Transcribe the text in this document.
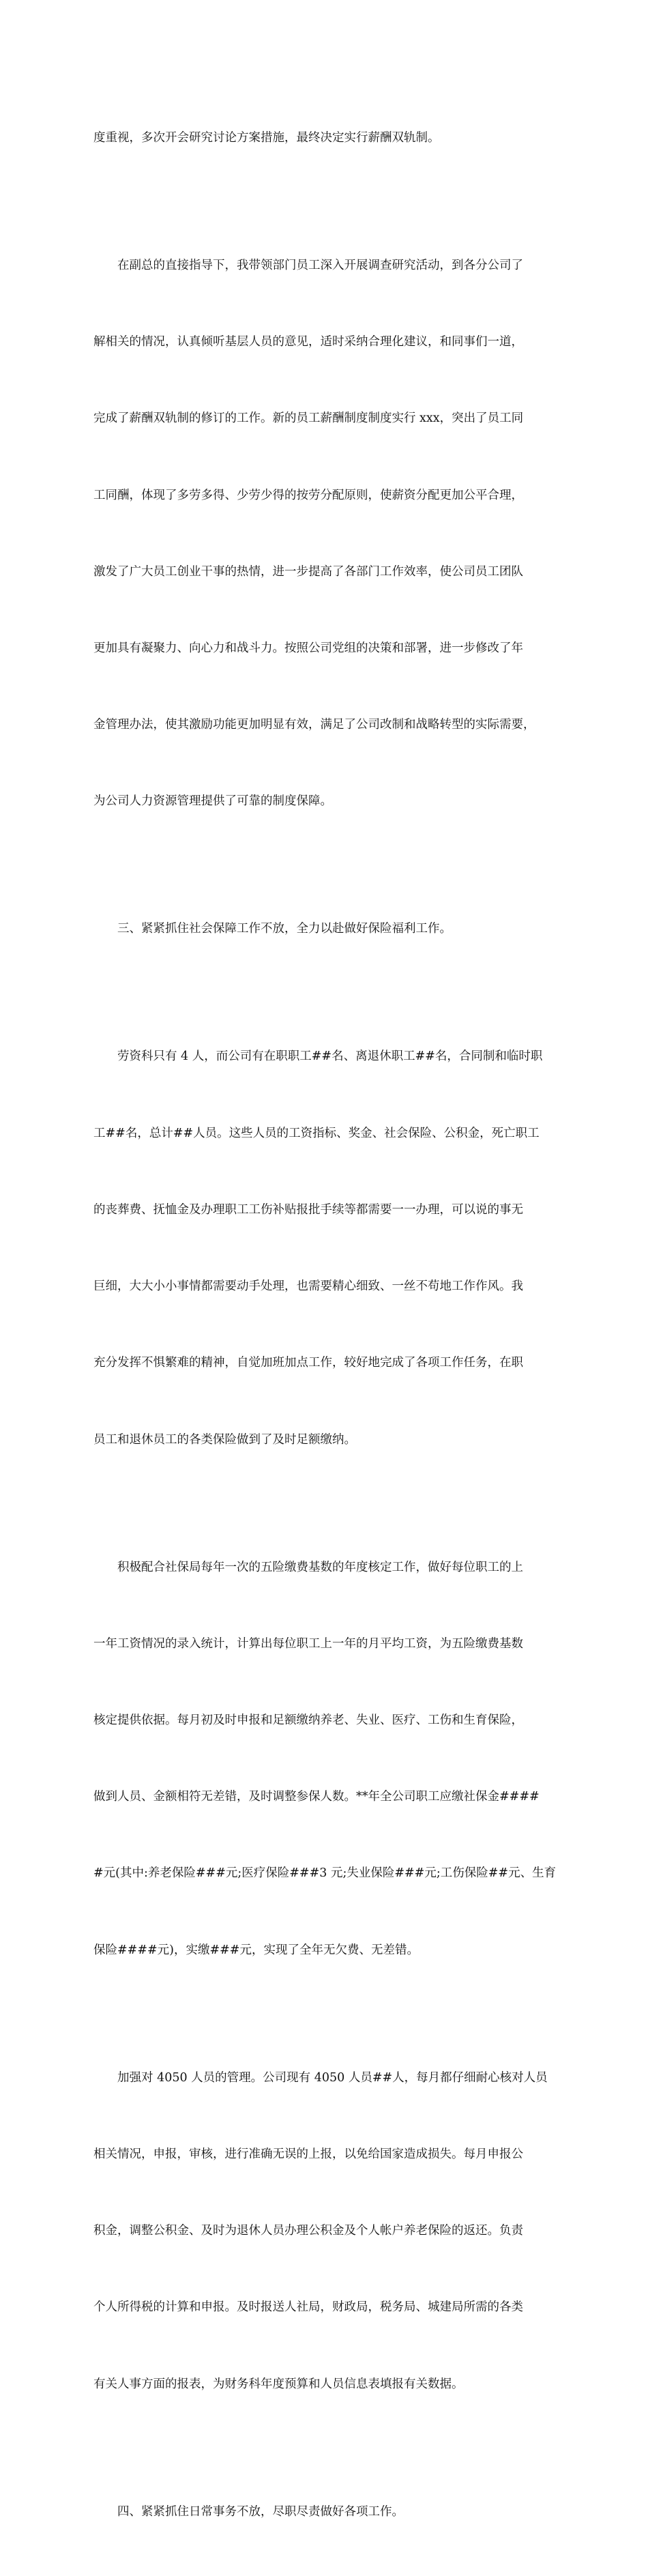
度重视，多次开会研究讨论方案措施，最终决定实行薪酬双轨制。

在副总的直接指导下，我带领部门员工深入开展调查研究活动，到各分公司了

解相关的情况，认真倾听基层人员的意见，适时采纳合理化建议，和同事们一道，

完成了薪酬双轨制的修订的工作。新的员工薪酬制度制度实行 xxx，突出了员工同

工同酬，体现了多劳多得、少劳少得的按劳分配原则，使薪资分配更加公平合理，

激发了广大员工创业干事的热情，进一步提高了各部门工作效率，使公司员工团队

更加具有凝聚力、向心力和战斗力。按照公司党组的决策和部署，进一步修改了年

金管理办法，使其激励功能更加明显有效，满足了公司改制和战略转型的实际需要，

为公司人力资源管理提供了可靠的制度保障。

三、紧紧抓住社会保障工作不放，全力以赴做好保险福利工作。

劳资科只有 4 人，而公司有在职职工##名、离退休职工##名，合同制和临时职

工##名，总计##人员。这些人员的工资指标、奖金、社会保险、公积金，死亡职工

的丧葬费、抚恤金及办理职工工伤补贴报批手续等都需要一一办理，可以说的事无

巨细，大大小小事情都需要动手处理，也需要精心细致、一丝不苟地工作作风。我

充分发挥不惧繁难的精神，自觉加班加点工作，较好地完成了各项工作任务，在职

员工和退休员工的各类保险做到了及时足额缴纳。

积极配合社保局每年一次的五险缴费基数的年度核定工作，做好每位职工的上

一年工资情况的录入统计，计算出每位职工上一年的月平均工资，为五险缴费基数

核定提供依据。每月初及时申报和足额缴纳养老、失业、医疗、工伤和生育保险，

做到人员、金额相符无差错，及时调整参保人数。**年全公司职工应缴社保金####

#元(其中:养老保险###元;医疗保险###3 元;失业保险###元;工伤保险##元、生育

保险####元)，实缴###元，实现了全年无欠费、无差错。

加强对 4050 人员的管理。公司现有 4050 人员##人，每月都仔细耐心核对人员

相关情况，申报，审核，进行准确无误的上报，以免给国家造成损失。每月申报公

积金，调整公积金、及时为退休人员办理公积金及个人帐户养老保险的返还。负责

个人所得税的计算和申报。及时报送人社局，财政局，税务局、城建局所需的各类

有关人事方面的报表，为财务科年度预算和人员信息表填报有关数据。

四、紧紧抓住日常事务不放，尽职尽责做好各项工作。
